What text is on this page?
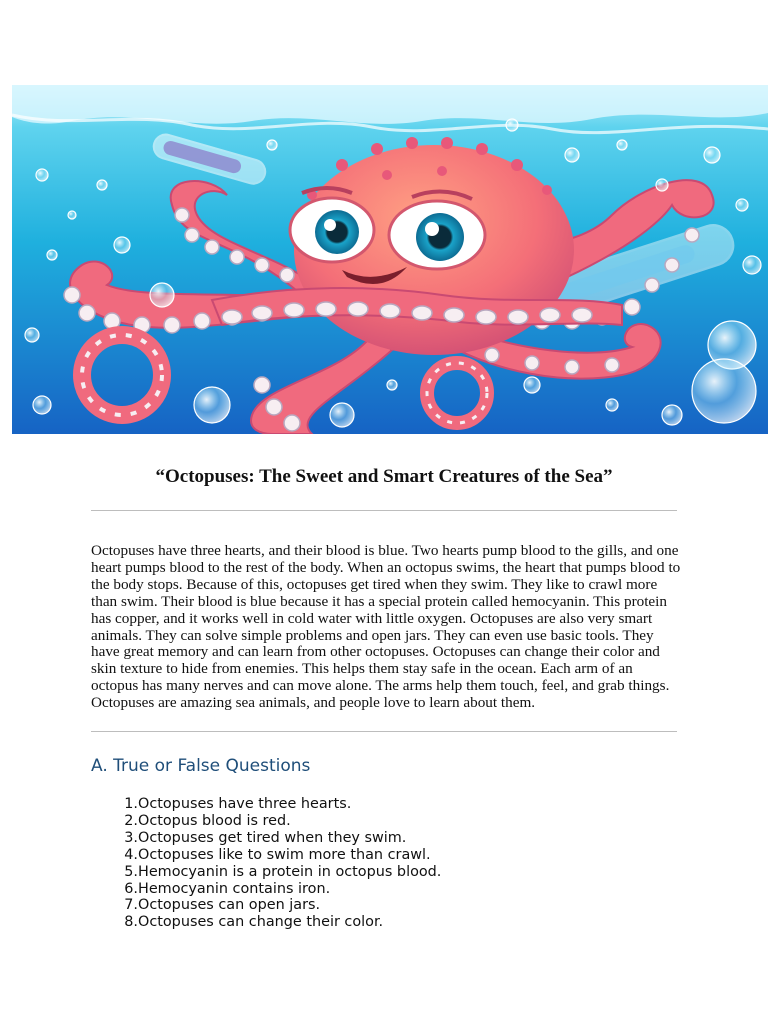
“Octopuses: The Sweet and Smart Creatures of the Sea”

Octopuses have three hearts, and their blood is blue. Two hearts pump blood to the gills, and one heart pumps blood to the rest of the body. When an octopus swims, the heart that pumps blood to the body stops. Because of this, octopuses get tired when they swim. They like to crawl more than swim. Their blood is blue because it has a special protein called hemocyanin. This protein has copper, and it works well in cold water with little oxygen. Octopuses are also very smart animals. They can solve simple problems and open jars. They can even use basic tools. They have great memory and can learn from other octopuses. Octopuses can change their color and skin texture to hide from enemies. This helps them stay safe in the ocean. Each arm of an octopus has many nerves and can move alone. The arms help them touch, feel, and grab things. Octopuses are amazing sea animals, and people love to learn about them.

A. True or False Questions
1. Octopuses have three hearts.
2. Octopus blood is red.
3. Octopuses get tired when they swim.
4. Octopuses like to swim more than crawl.
5. Hemocyanin is a protein in octopus blood.
6. Hemocyanin contains iron.
7. Octopuses can open jars.
8. Octopuses can change their color.
